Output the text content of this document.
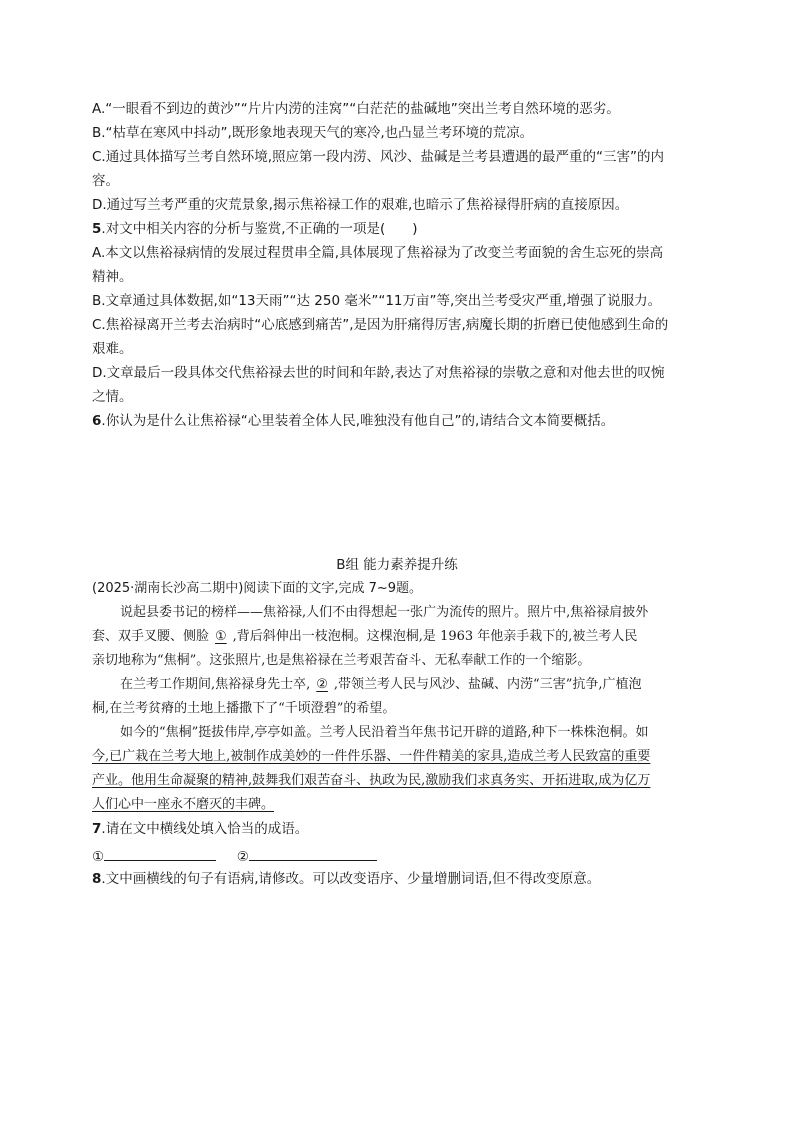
A.“一眼看不到边的黄沙”“片片内涝的洼窝”“白茫茫的盐碱地”突出兰考自然环境的恶劣。
B.“枯草在寒风中抖动”,既形象地表现天气的寒冷,也凸显兰考环境的荒凉。
C.通过具体描写兰考自然环境,照应第一段内涝、风沙、盐碱是兰考县遭遇的最严重的“三害”的内
容。
D.通过写兰考严重的灾荒景象,揭示焦裕禄工作的艰难,也暗示了焦裕禄得肝病的直接原因。
5.对文中相关内容的分析与鉴赏,不正确的一项是(　　)
A.本文以焦裕禄病情的发展过程贯串全篇,具体展现了焦裕禄为了改变兰考面貌的舍生忘死的崇高
精神。
B.文章通过具体数据,如“13天雨”“达 250 毫米”“11万亩”等,突出兰考受灾严重,增强了说服力。
C.焦裕禄离开兰考去治病时“心底感到痛苦”,是因为肝痛得厉害,病魔长期的折磨已使他感到生命的
艰难。
D.文章最后一段具体交代焦裕禄去世的时间和年龄,表达了对焦裕禄的崇敬之意和对他去世的叹惋
之情。
6.你认为是什么让焦裕禄“心里装着全体人民,唯独没有他自己”的,请结合文本简要概括。
B组 能力素养提升练
(2025·湖南长沙高二期中)阅读下面的文字,完成 7~9题。
说起县委书记的榜样——焦裕禄,人们不由得想起一张广为流传的照片。照片中,焦裕禄肩披外
套、双手叉腰、侧脸 ① ,背后斜伸出一枝泡桐。这棵泡桐,是 1963 年他亲手栽下的,被兰考人民
亲切地称为“焦桐”。这张照片,也是焦裕禄在兰考艰苦奋斗、无私奉献工作的一个缩影。
在兰考工作期间,焦裕禄身先士卒, ② ,带领兰考人民与风沙、盐碱、内涝“三害”抗争,广植泡
桐,在兰考贫瘠的土地上播撒下了“千顷澄碧”的希望。
如今的“焦桐”挺拔伟岸,亭亭如盖。兰考人民沿着当年焦书记开辟的道路,种下一株株泡桐。如
今,已广栽在兰考大地上,被制作成美妙的一件件乐器、一件件精美的家具,造成兰考人民致富的重要
产业。他用生命凝聚的精神,鼓舞我们艰苦奋斗、执政为民,激励我们求真务实、开拓进取,成为亿万
人们心中一座永不磨灭的丰碑。
7.请在文中横线处填入恰当的成语。
①	②
8.文中画横线的句子有语病,请修改。可以改变语序、少量增删词语,但不得改变原意。
